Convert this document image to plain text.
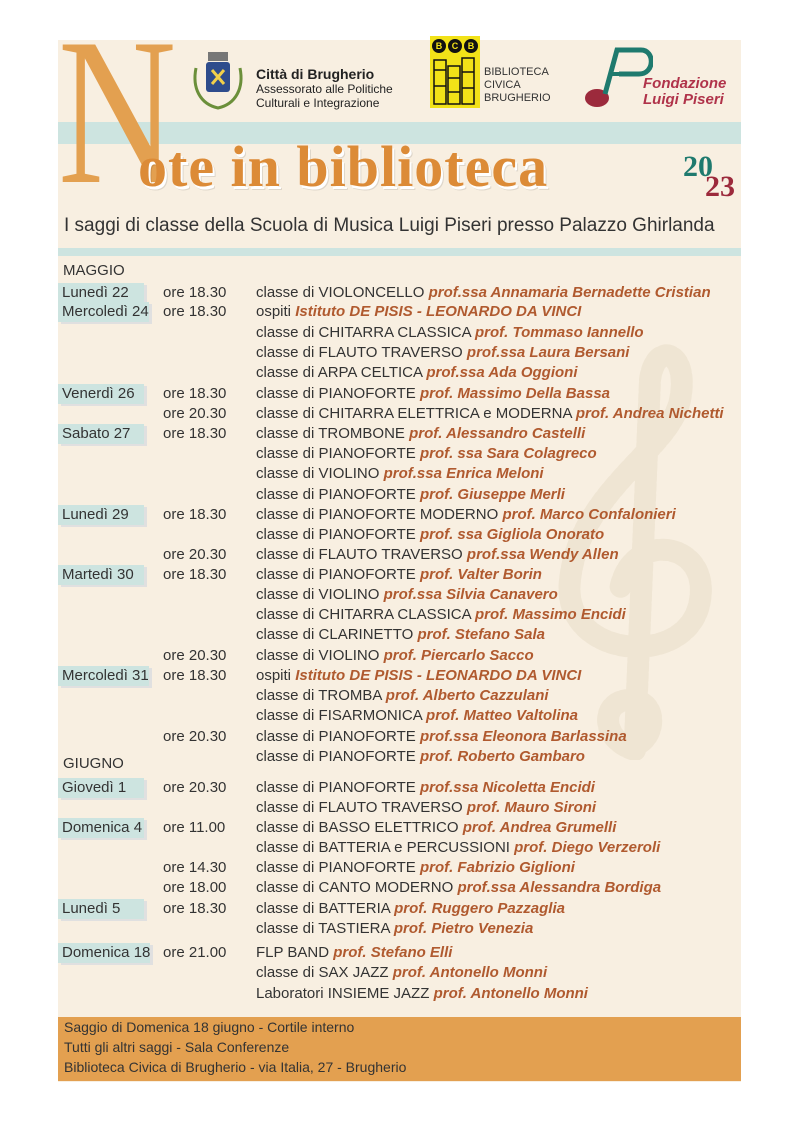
N	Città di Brugherio
Assessorato alle Politiche
Culturali e Integrazione
B	C	B
BIBLIOTECA
CIVICA
BRUGHERIO
Fondazione
Luigi Piseri
ote in biblioteca	20
23
I saggi di classe della Scuola di Musica Luigi Piseri presso Palazzo Ghirlanda
MAGGIO
GIUGNO
Lunedì 22	ore 18.30 classe di VIOLONCELLO prof.ssa Annamaria Bernadette Cristian
Mercoledì 24 ore 18.30 ospiti Istituto DE PISIS - LEONARDO DA VINCI
classe di CHITARRA CLASSICA prof. Tommaso Iannello
classe di FLAUTO TRAVERSO prof.ssa Laura Bersani
classe di ARPA CELTICA prof.ssa Ada Oggioni
Venerdì 26	ore 18.30 classe di PIANOFORTE prof. Massimo Della Bassa
ore 20.30 classe di CHITARRA ELETTRICA e MODERNA prof. Andrea Nichetti
Sabato 27	ore 18.30 classe di TROMBONE prof. Alessandro Castelli
classe di PIANOFORTE prof. ssa Sara Colagreco
classe di VIOLINO prof.ssa Enrica Meloni
classe di PIANOFORTE prof. Giuseppe Merli
Lunedì 29	ore 18.30 classe di PIANOFORTE MODERNO prof. Marco Confalonieri
classe di PIANOFORTE prof. ssa Gigliola Onorato
ore 20.30 classe di FLAUTO TRAVERSO prof.ssa Wendy Allen
Martedì 30	ore 18.30 classe di PIANOFORTE prof. Valter Borin
classe di VIOLINO prof.ssa Silvia Canavero
classe di CHITARRA CLASSICA prof. Massimo Encidi
classe di CLARINETTO prof. Stefano Sala
ore 20.30 classe di VIOLINO prof. Piercarlo Sacco
Mercoledì 31 ore 18.30 ospiti Istituto DE PISIS - LEONARDO DA VINCI
classe di TROMBA prof. Alberto Cazzulani
classe di FISARMONICA prof. Matteo Valtolina
ore 20.30 classe di PIANOFORTE prof.ssa Eleonora Barlassina
classe di PIANOFORTE prof. Roberto Gambaro
Giovedì 1	ore 20.30 classe di PIANOFORTE prof.ssa Nicoletta Encidi
classe di FLAUTO TRAVERSO prof. Mauro Sironi
Domenica 4 ore 11.00 classe di BASSO ELETTRICO prof. Andrea Grumelli
classe di BATTERIA e PERCUSSIONI prof. Diego Verzeroli
ore 14.30 classe di PIANOFORTE prof. Fabrizio Giglioni
ore 18.00 classe di CANTO MODERNO prof.ssa Alessandra Bordiga
Lunedì 5	ore 18.30 classe di BATTERIA prof. Ruggero Pazzaglia
classe di TASTIERA prof. Pietro Venezia
Domenica 18 ore 21.00 FLP BAND prof. Stefano Elli
classe di SAX JAZZ prof. Antonello Monni
Laboratori INSIEME JAZZ prof. Antonello Monni
Saggio di Domenica 18 giugno - Cortile interno
Tutti gli altri saggi - Sala Conferenze
Biblioteca Civica di Brugherio - via Italia, 27 - Brugherio
